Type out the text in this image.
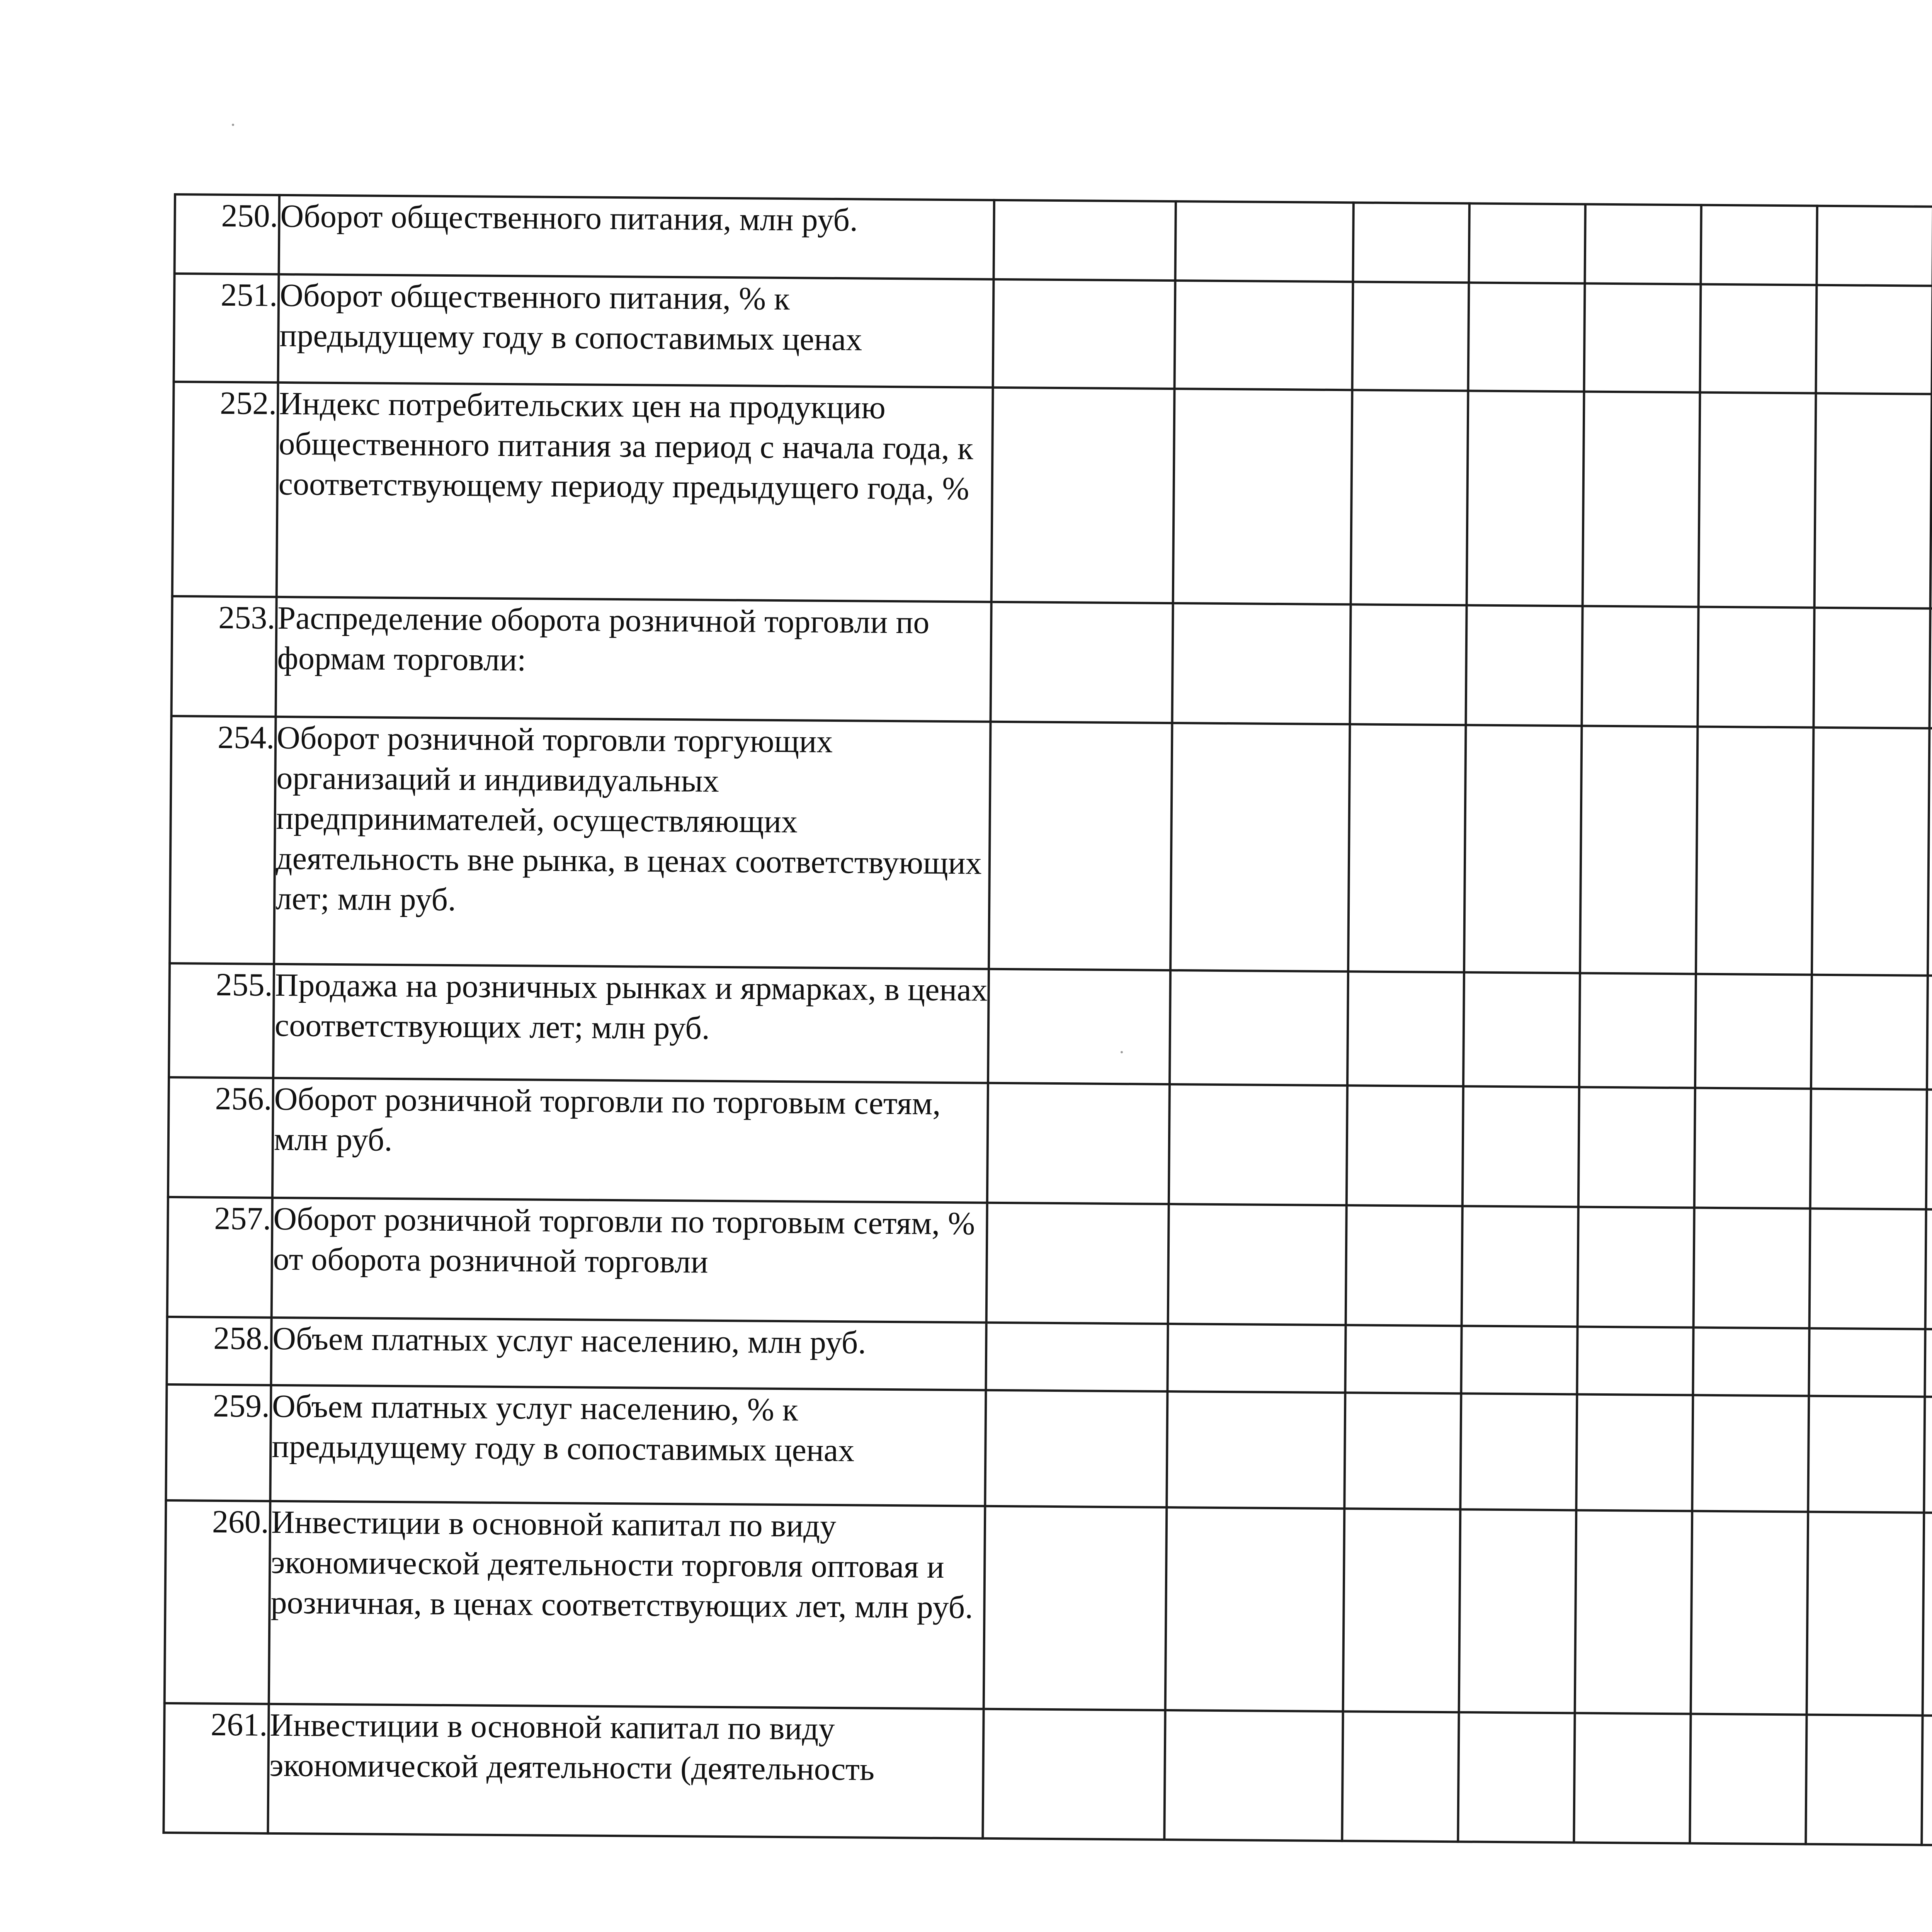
250.	Оборот общественного питания, млн руб.														
251.	Оборот общественного питания, % к предыдущему году в сопоставимых ценах														
252.	Индекс потребительских цен на продукцию общественного питания за период с начала года, к соответствующему периоду предыдущего года, %														
253.	Распределение оборота розничной торговли по формам торговли:														
254.	Оборот розничной торговли торгующих организаций и индивидуальных предпринимателей, осуществляющих деятельность вне рынка, в ценах соответствующих лет; млн руб.														
255.	Продажа на розничных рынках и ярмарках, в ценах соответствующих лет; млн руб.														
256.	Оборот розничной торговли по торговым сетям, млн руб.														
257.	Оборот розничной торговли по торговым сетям, % от оборота розничной торговли														
258.	Объем платных услуг населению, млн руб.														
259.	Объем платных услуг населению, % к предыдущему году в сопоставимых ценах														
260.	Инвестиции в основной капитал по виду экономической деятельности торговля оптовая и розничная, в ценах соответствующих лет, млн руб.														
261.	Инвестиции в основной капитал по виду экономической деятельности (деятельность														
